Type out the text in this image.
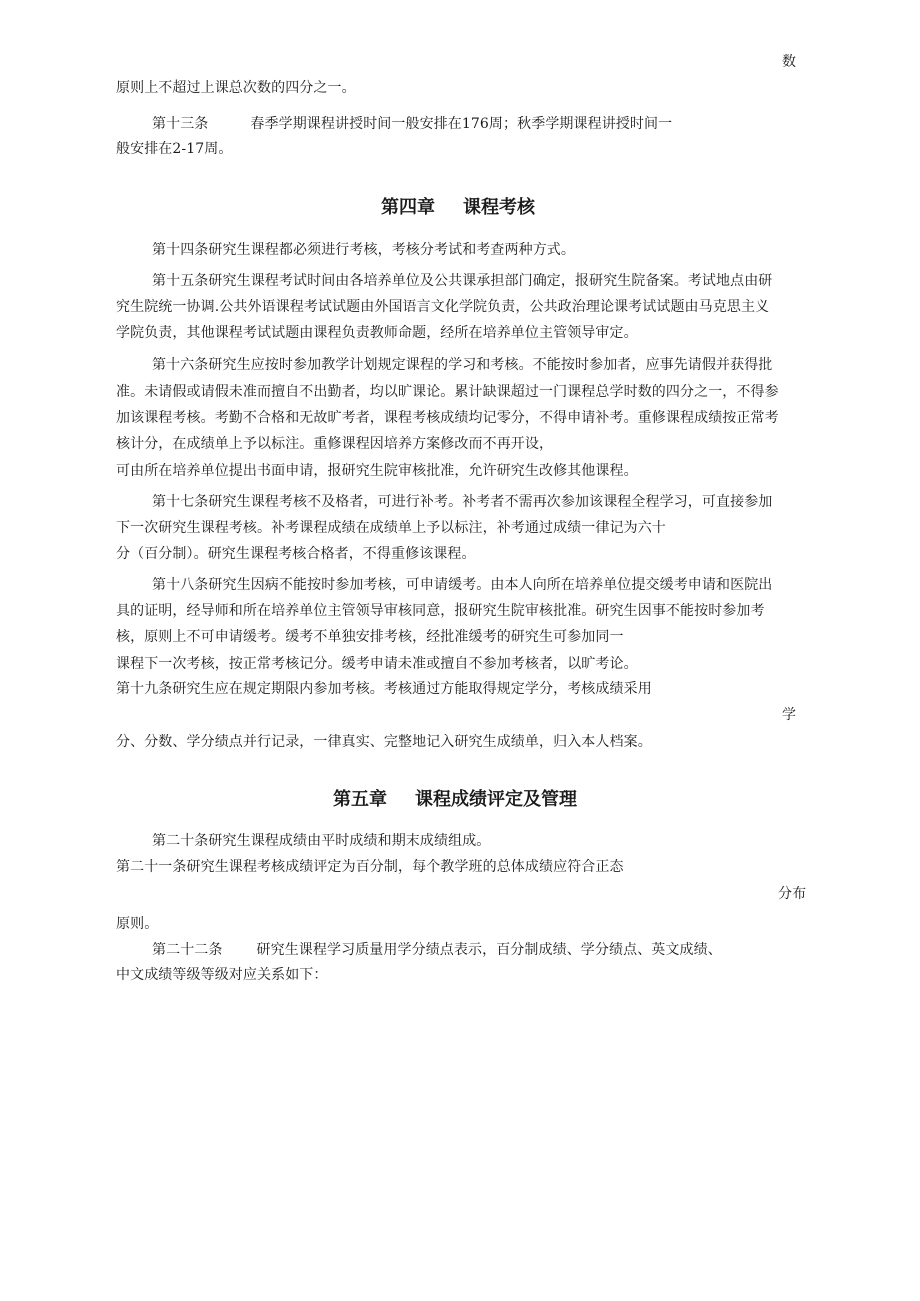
数
原则上不超过上课总次数的四分之一。
第十三条	春季学期课程讲授时间一般安排在176周；秋季学期课程讲授时间一
般安排在2-17周。
第四章 课程考核
第十四条研究生课程都必须进行考核，考核分考试和考查两种方式。
第十五条研究生课程考试时间由各培养单位及公共课承担部门确定，报研究生院备案。考试地点由研
究生院统一协调.公共外语课程考试试题由外国语言文化学院负责，公共政治理论课考试试题由马克思主义
学院负责，其他课程考试试题由课程负责教师命题，经所在培养单位主管领导审定。
第十六条研究生应按时参加教学计划规定课程的学习和考核。不能按时参加者，应事先请假并获得批
准。未请假或请假未准而擅自不出勤者，均以旷课论。累计缺课超过一门课程总学时数的四分之一，不得参
加该课程考核。考勤不合格和无故旷考者，课程考核成绩均记零分，不得申请补考。重修课程成绩按正常考
核计分，在成绩单上予以标注。重修课程因培养方案修改而不再开设，
可由所在培养单位提出书面申请，报研究生院审核批准，允许研究生改修其他课程。
第十七条研究生课程考核不及格者，可进行补考。补考者不需再次参加该课程全程学习，可直接参加
下一次研究生课程考核。补考课程成绩在成绩单上予以标注，补考通过成绩一律记为六十
分（百分制）。研究生课程考核合格者，不得重修该课程。
第十八条研究生因病不能按时参加考核，可申请缓考。由本人向所在培养单位提交缓考申请和医院出
具的证明，经导师和所在培养单位主管领导审核同意，报研究生院审核批准。研究生因事不能按时参加考
核，原则上不可申请缓考。缓考不单独安排考核，经批准缓考的研究生可参加同一
课程下一次考核，按正常考核记分。缓考申请未准或擅自不参加考核者，以旷考论。
第十九条研究生应在规定期限内参加考核。考核通过方能取得规定学分，考核成绩采用
学
分、分数、学分绩点并行记录，一律真实、完整地记入研究生成绩单，归入本人档案。
第五章 课程成绩评定及管理
第二十条研究生课程成绩由平时成绩和期末成绩组成。
第二十一条研究生课程考核成绩评定为百分制，每个教学班的总体成绩应符合正态
分布
原则。
第二十二条 研究生课程学习质量用学分绩点表示，百分制成绩、学分绩点、英文成绩、
中文成绩等级等级对应关系如下：
